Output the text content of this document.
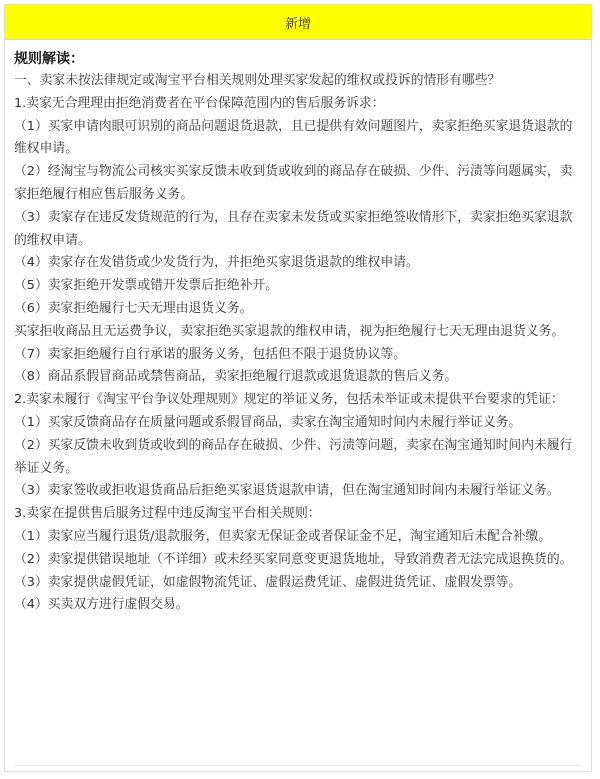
新增
规则解读：

一、卖家未按法律规定或淘宝平台相关规则处理买家发起的维权或投诉的情形有哪些？

1.卖家无合理理由拒绝消费者在平台保障范围内的售后服务诉求：

（1）买家申请肉眼可识别的商品问题退货退款，且已提供有效问题图片，卖家拒绝买家退货退款的维权申请。

（2）经淘宝与物流公司核实买家反馈未收到货或收到的商品存在破损、少件、污渍等问题属实，卖家拒绝履行相应售后服务义务。

（3）卖家存在违反发货规范的行为，且存在卖家未发货或买家拒绝签收情形下，卖家拒绝买家退款的维权申请。

（4）卖家存在发错货或少发货行为，并拒绝买家退货退款的维权申请。

（5）卖家拒绝开发票或错开发票后拒绝补开。

（6）卖家拒绝履行七天无理由退货义务。

买家拒收商品且无运费争议，卖家拒绝买家退款的维权申请，视为拒绝履行七天无理由退货义务。

（7）卖家拒绝履行自行承诺的服务义务，包括但不限于退货协议等。

（8）商品系假冒商品或禁售商品，卖家拒绝履行退款或退货退款的售后义务。

2.卖家未履行《淘宝平台争议处理规则》规定的举证义务，包括未举证或未提供平台要求的凭证：

（1）买家反馈商品存在质量问题或系假冒商品，卖家在淘宝通知时间内未履行举证义务。

（2）买家反馈未收到货或收到的商品存在破损、少件、污渍等问题，卖家在淘宝通知时间内未履行举证义务。

（3）卖家签收或拒收退货商品后拒绝买家退货退款申请，但在淘宝通知时间内未履行举证义务。

3.卖家在提供售后服务过程中违反淘宝平台相关规则：

（1）卖家应当履行退货/退款服务，但卖家无保证金或者保证金不足，淘宝通知后未配合补缴。

（2）卖家提供错误地址（不详细）或未经买家同意变更退货地址，导致消费者无法完成退换货的。

（3）卖家提供虚假凭证，如虚假物流凭证、虚假运费凭证、虚假进货凭证、虚假发票等。

（4）买卖双方进行虚假交易。
